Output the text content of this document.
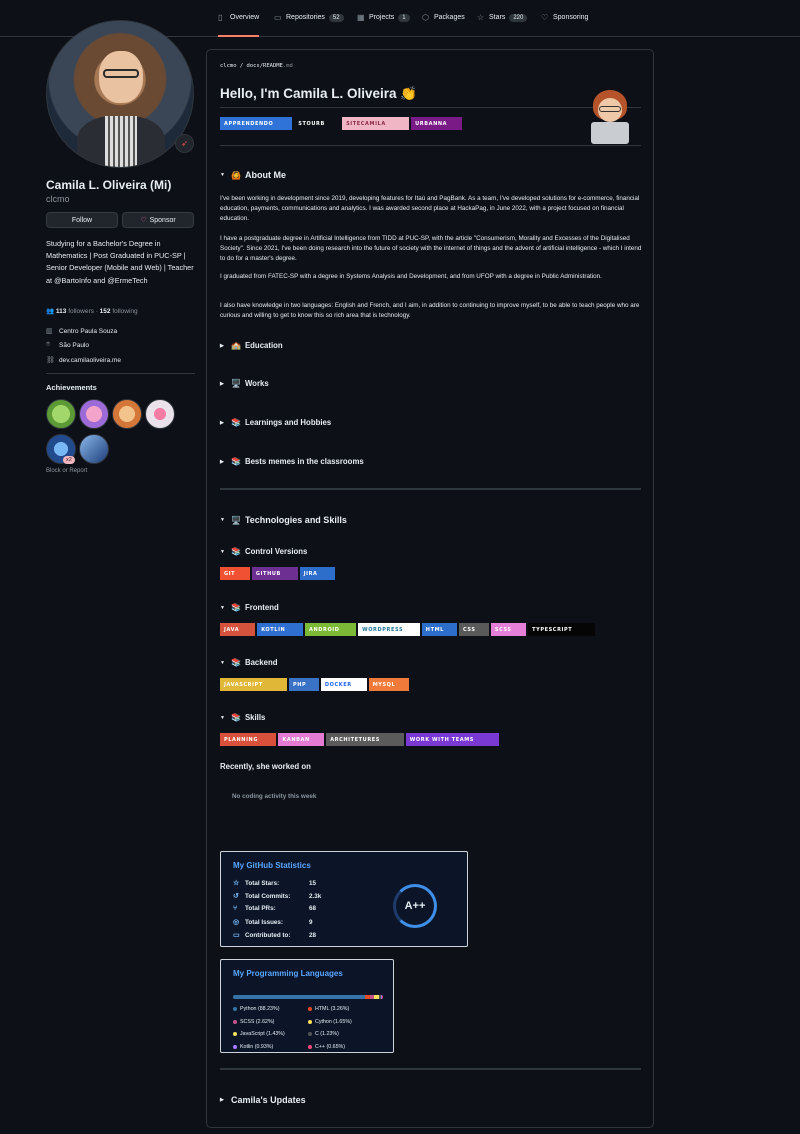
▯	Overview ▭ Repositories	52	▦ Projects	1	⬡ Packages ☆ Stars	220	♡ Sponsoring
➶
Camila L. Oliveira (Mi)
clcmo
Follow	♡ Sponsor
Studying for a Bachelor's Degree in Mathematics | Post Graduated in PUC-SP | Senior Developer (Mobile and Web) | Teacher at @BartoInfo and @ErmeTech
👥 113 followers · 152 following
▥ Centro Paula Souza
⌾	São Paulo
⛓ dev.camilaoliveira.me
Achievements
x2
Block or Report
clcmo / docs/README.md
Hello, I'm Camila L. Oliveira 👏
APPRENDENDO	STOURB	SITECAMILA	URBANNA
▼ 🙆 About Me
I've been working in development since 2019, developing features for Itaú and PagBank. As a team, I've developed solutions for e-commerce, financial education, payments, communications and analytics. I was awarded second place at HackaPag, in June 2022, with a project focused on financial education.
I have a postgraduate degree in Artificial Intelligence from TIDD at PUC-SP, with the article "Consumerism, Morality and Excesses of the Digitalised Society". Since 2021, I've been doing research into the future of society with the internet of things and the advent of artificial intelligence - which I intend to do for a master's degree.
I graduated from FATEC-SP with a degree in Systems Analysis and Development, and from UFOP with a degree in Public Administration.
I also have knowledge in two languages: English and French, and I aim, in addition to continuing to improve myself, to be able to teach people who are curious and willing to get to know this so rich area that is technology.
▶ 🏫 Education
▶ 🖥️ Works
▶ 📚 Learnings and Hobbies
▶ 📚 Bests memes in the classrooms
▼ 🖥️ Technologies and Skills
▼ 📚 Control Versions
GIT	GITHUB	JIRA
▼ 📚 Frontend
JAVA	KOTLIN	ANDROID	WORDPRESS	HTML	CSS	SCSS	TYPESCRIPT
▼ 📚 Backend
JAVASCRIPT	PHP	DOCKER	MYSQL
▼ 📚 Skills
PLANNING	KANBAN	ARCHITETURES	WORK WITH TEAMS
Recently, she worked on
No coding activity this week
My GitHub Statistics
☆ Total Stars:	15
↺ Total Commits:	2.3k
⑂	Total PRs:	68
◎ Total Issues:	9
▭ Contributed to:	28
A++
My Programming Languages
Python (88.23%)	HTML (3.26%)
SCSS (2.62%)	Cython (1.65%)
JavaScript (1.43%)	C (1.23%)
Kotlin (0.93%)	C++ (0.65%)
▶ Camila's Updates
